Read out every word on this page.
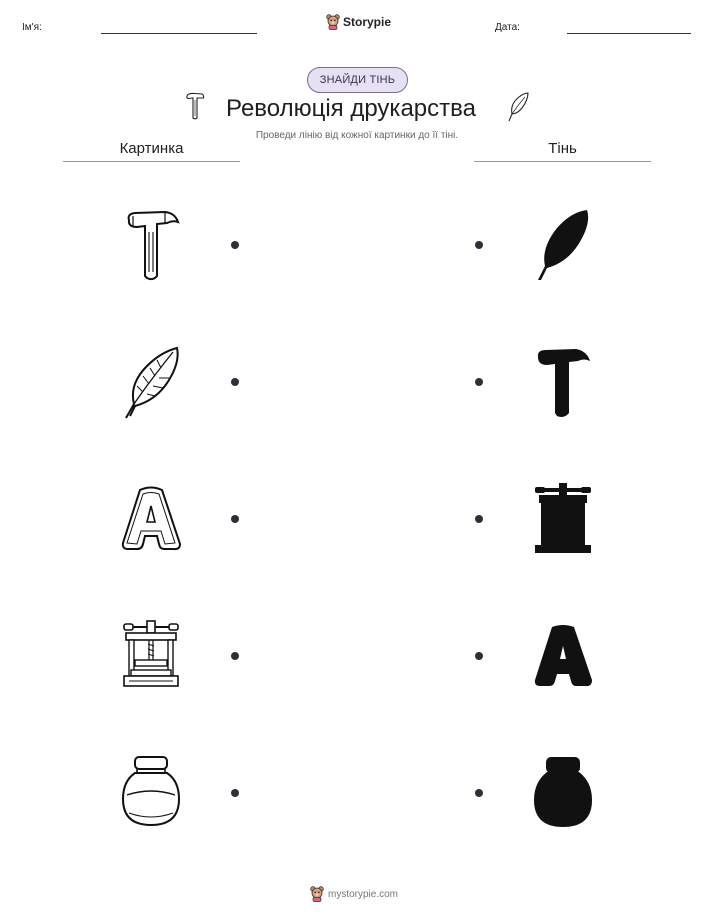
Ім'я:	Storypie	Дата:
ЗНАЙДИ ТІНЬ
Революція друкарства
Проведи лінію від кожної картинки до її тіні.
Картинка	Тінь
mystorypie.com
